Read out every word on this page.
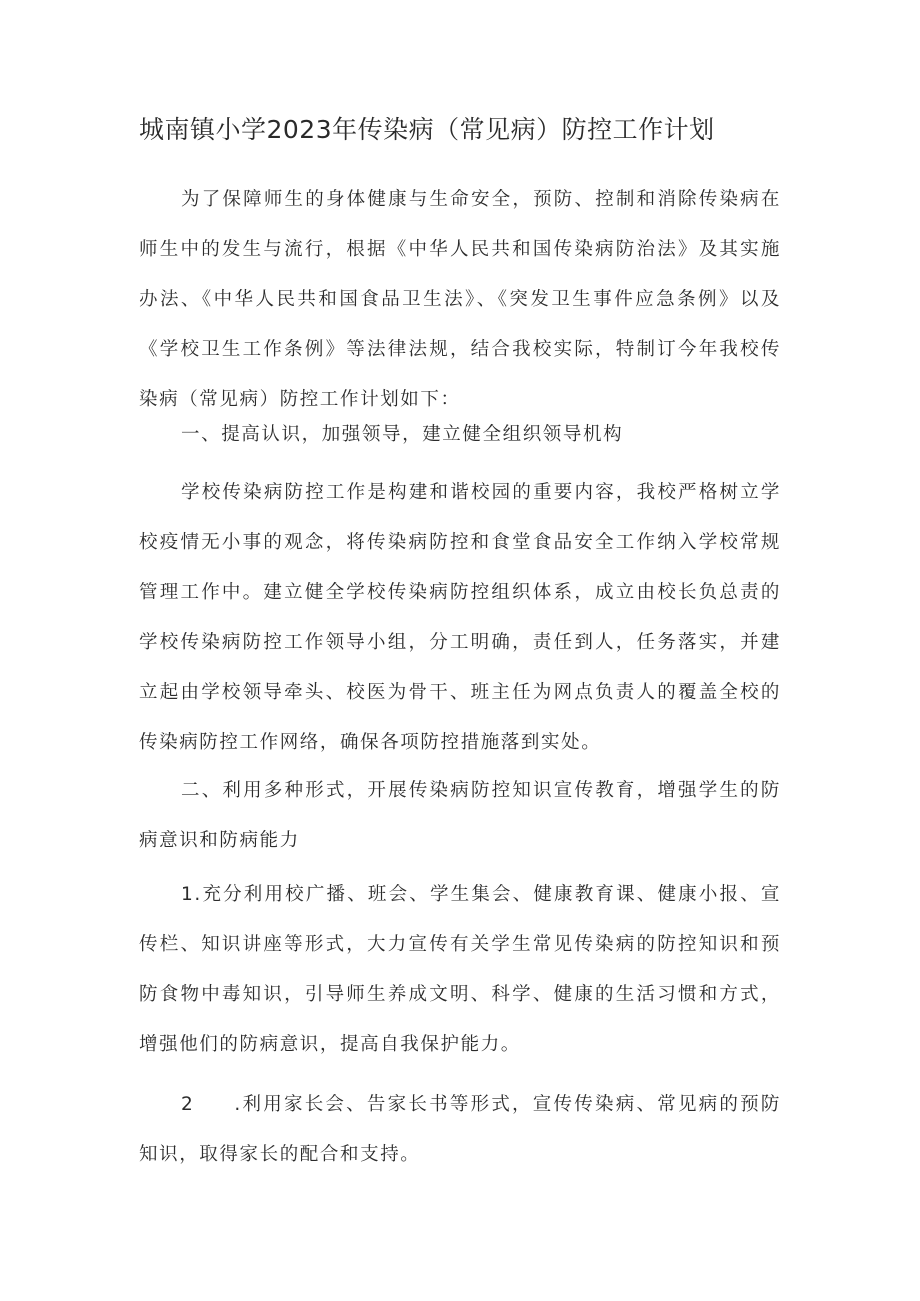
城南镇小学2023年传染病（常见病）防控工作计划

为了保障师生的身体健康与生命安全，预防、控制和消除传染病在师生中的发生与流行，根据《中华人民共和国传染病防治法》及其实施办法、《中华人民共和国食品卫生法》、《突发卫生事件应急条例》以及《学校卫生工作条例》等法律法规，结合我校实际，特制订今年我校传染病（常见病）防控工作计划如下：

一、提高认识，加强领导，建立健全组织领导机构

学校传染病防控工作是构建和谐校园的重要内容，我校严格树立学校疫情无小事的观念，将传染病防控和食堂食品安全工作纳入学校常规管理工作中。建立健全学校传染病防控组织体系，成立由校长负总责的学校传染病防控工作领导小组，分工明确，责任到人，任务落实，并建立起由学校领导牵头、校医为骨干、班主任为网点负责人的覆盖全校的传染病防控工作网络，确保各项防控措施落到实处。

二、利用多种形式，开展传染病防控知识宣传教育，增强学生的防病意识和防病能力

1.充分利用校广播、班会、学生集会、健康教育课、健康小报、宣传栏、知识讲座等形式，大力宣传有关学生常见传染病的防控知识和预防食物中毒知识，引导师生养成文明、科学、健康的生活习惯和方式，增强他们的防病意识，提高自我保护能力。

2 .利用家长会、告家长书等形式，宣传传染病、常见病的预防知识，取得家长的配合和支持。
